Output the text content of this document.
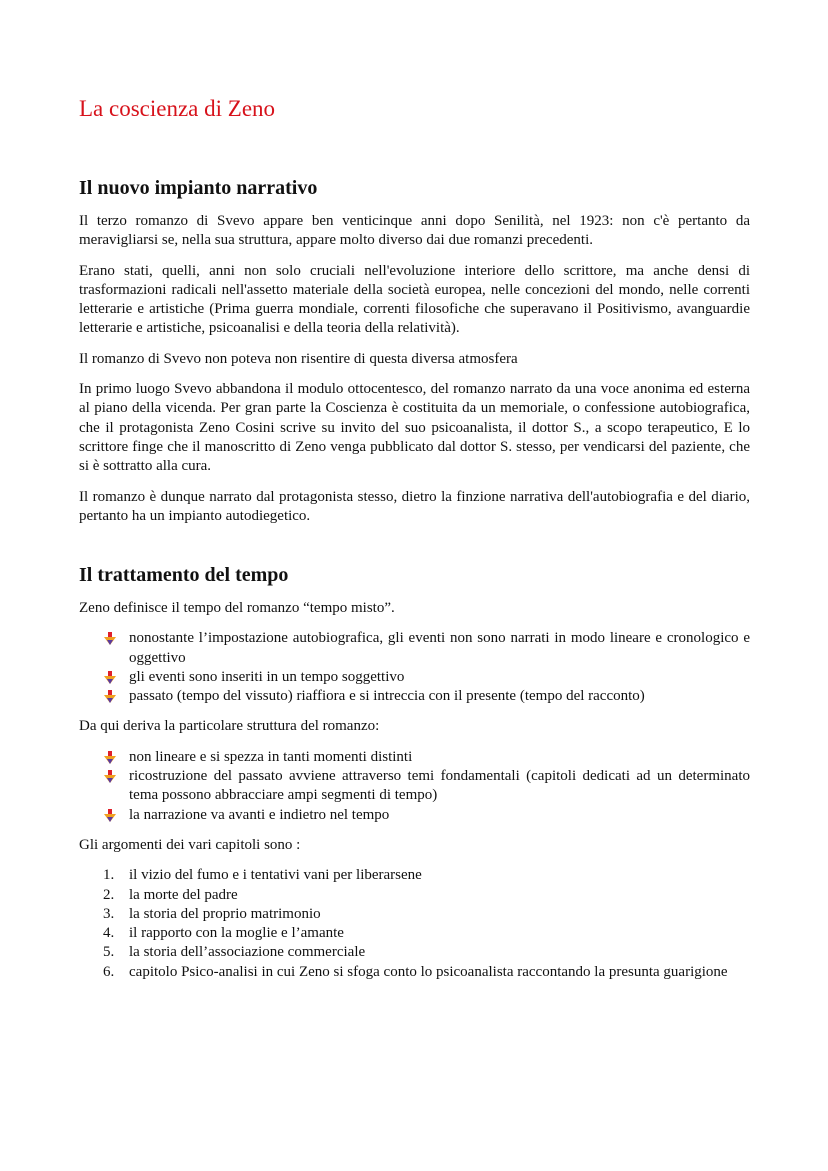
La coscienza di Zeno
Il nuovo impianto narrativo

Il terzo romanzo di Svevo appare ben venticinque anni dopo Senilità, nel 1923: non c'è pertanto da meravigliarsi se, nella sua struttura, appare molto diverso dai due romanzi precedenti.

Erano stati, quelli, anni non solo cruciali nell'evoluzione interiore dello scrittore, ma anche densi di trasformazioni radicali nell'assetto materiale della società europea, nelle concezioni del mondo, nelle correnti letterarie e artistiche (Prima guerra mondiale, correnti filosofiche che superavano il Positivismo, avanguardie letterarie e artistiche, psicoanalisi e della teoria della relatività).

Il romanzo di Svevo non poteva non risentire di questa diversa atmosfera

In primo luogo Svevo abbandona il modulo ottocentesco, del romanzo narrato da una voce anonima ed esterna al piano della vicenda. Per gran parte la Coscienza è costituita da un memoriale, o confessione autobiografica, che il protagonista Zeno Cosini scrive su invito del suo psicoanalista, il dottor S., a scopo terapeutico, E lo scrittore finge che il manoscritto di Zeno venga pubblicato dal dottor S. stesso, per vendicarsi del paziente, che si è sottratto alla cura.

Il romanzo è dunque narrato dal protagonista stesso, dietro la finzione narrativa dell'autobiografia e del diario, pertanto ha un impianto autodiegetico.

Il trattamento del tempo

Zeno definisce il tempo del romanzo “tempo misto”.

nonostante l’impostazione autobiografica, gli eventi non sono narrati in modo lineare e cronologico e oggettivo
gli eventi sono inseriti in un tempo soggettivo
passato (tempo del vissuto) riaffiora e si intreccia con il presente (tempo del racconto)

Da qui deriva la particolare struttura del romanzo:

non lineare e si spezza in tanti momenti distinti
ricostruzione del passato avviene attraverso temi fondamentali (capitoli dedicati ad un determinato tema possono abbracciare ampi segmenti di tempo)
la narrazione va avanti e indietro nel tempo

Gli argomenti dei vari capitoli sono :

1. il vizio del fumo e i tentativi vani per liberarsene
2. la morte del padre
3. la storia del proprio matrimonio
4. il rapporto con la moglie e l’amante
5. la storia dell’associazione commerciale
6. capitolo Psico-analisi in cui Zeno si sfoga conto lo psicoanalista raccontando la presunta guarigione
